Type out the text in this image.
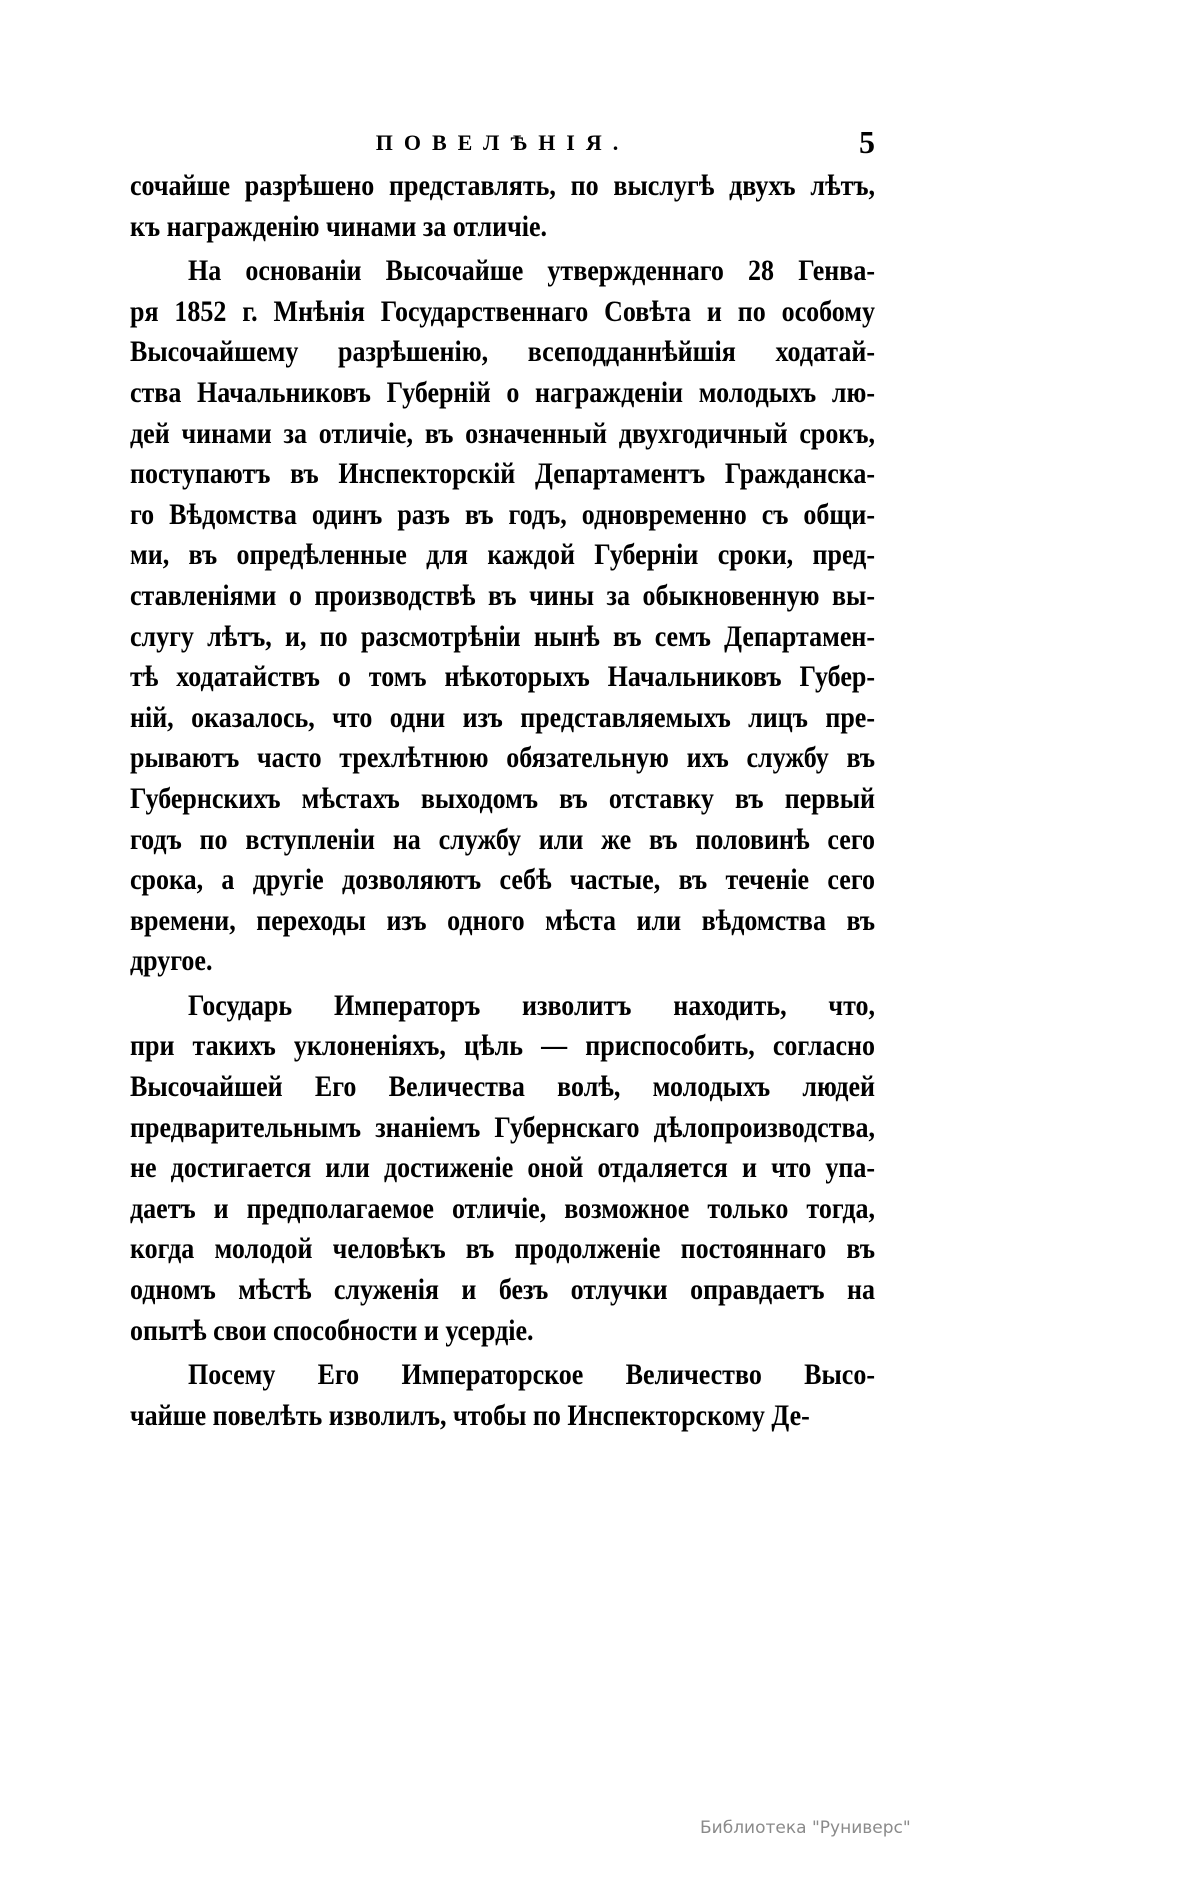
ПОВЕЛѢНІЯ.	5
сочайше разрѣшено представлять, по выслугѣ двухъ лѣтъ,
къ награжденію чинами за отличіе.
На основаніи Высочайше утвержденнаго 28 Генва-
ря 1852 г. Мнѣнія Государственнаго Совѣта и по особому
Высочайшему разрѣшенію, всеподданнѣйшія ходатай-
ства Начальниковъ Губерній о награжденіи молодыхъ лю-
дей чинами за отличіе, въ означенный двухгодичный срокъ,
поступаютъ въ Инспекторскій Департаментъ Гражданска-
го Вѣдомства одинъ разъ въ годъ, одновременно съ общи-
ми, въ опредѣленные для каждой Губерніи сроки, пред-
ставленіями о производствѣ въ чины за обыкновенную вы-
слугу лѣтъ, и, по разсмотрѣніи нынѣ въ семъ Департамен-
тѣ ходатайствъ о томъ нѣкоторыхъ Начальниковъ Губер-
ній, оказалось, что одни изъ представляемыхъ лицъ пре-
рываютъ часто трехлѣтнюю обязательную ихъ службу въ
Губернскихъ мѣстахъ выходомъ въ отставку въ первый
годъ по вступленіи на службу или же въ половинѣ сего
срока, а другіе дозволяютъ себѣ частые, въ теченіе сего
времени, переходы изъ одного мѣста или вѣдомства въ
другое.
Государь Императоръ изволитъ находить, что,
при такихъ уклоненіяхъ, цѣль — приспособить, согласно
Высочайшей Его Величества волѣ, молодыхъ людей
предварительнымъ знаніемъ Губернскаго дѣлопроизводства,
не достигается или достиженіе оной отдаляется и что упа-
даетъ и предполагаемое отличіе, возможное только тогда,
когда молодой человѣкъ въ продолженіе постояннаго въ
одномъ мѣстѣ служенія и безъ отлучки оправдаетъ на
опытѣ свои способности и усердіе.
Посему Его Императорское Величество Высо-
чайше повелѣть изволилъ, чтобы по Инспекторскому Де-
Библиотека "Руниверс"
